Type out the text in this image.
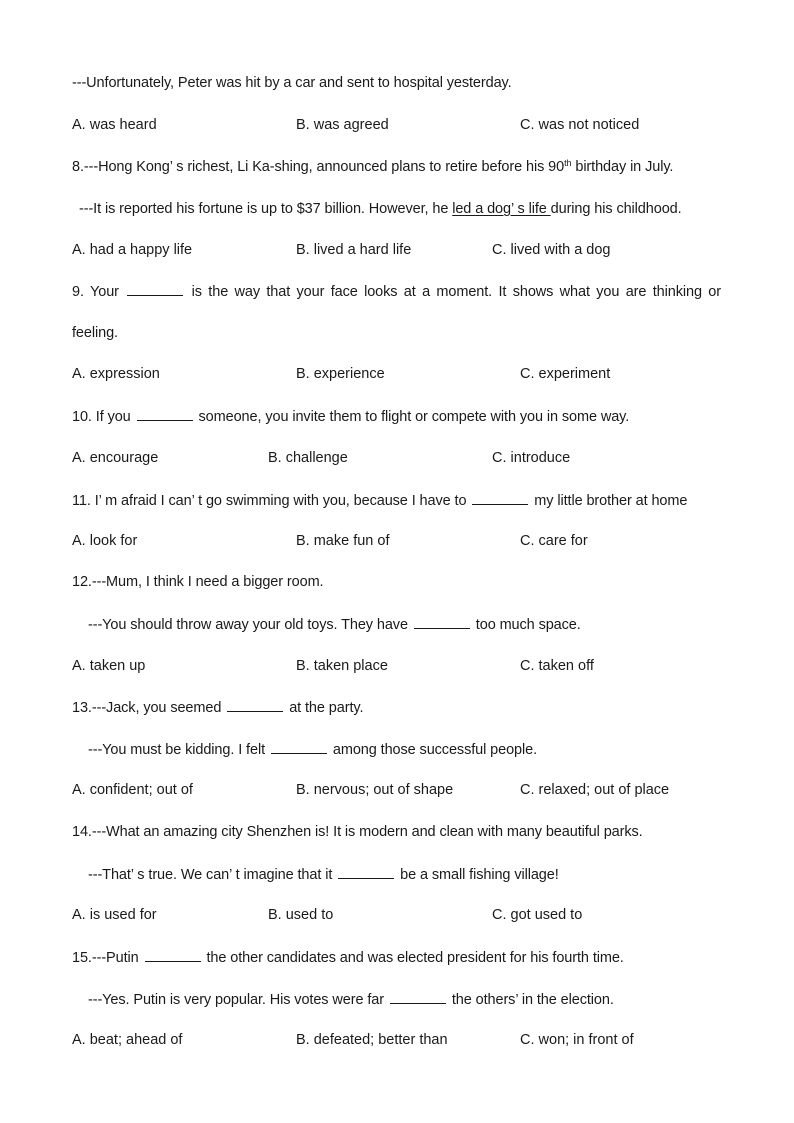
---Unfortunately, Peter was hit by a car and sent to hospital yesterday.
A. was heard	B. was agreed	C. was not noticed
8.---Hong Kong’ s richest, Li Ka-shing, announced plans to retire before his 90th birthday in July.
---It is reported his fortune is up to $37 billion. However, he led a dog’ s life during his childhood.
A. had a happy life	B. lived a hard life	C. lived with a dog
9. Your	is the way that your face looks at a moment. It shows what you are thinking or
feeling.
A. expression	B. experience	C. experiment
10. If you	someone, you invite them to flight or compete with you in some way.
A. encourage	B. challenge	C. introduce
11. I’ m afraid I can’ t go swimming with you, because I have to	my little brother at home
A. look for	B. make fun of	C. care for
12.---Mum, I think I need a bigger room.
---You should throw away your old toys. They have	too much space.
A. taken up	B. taken place	C. taken off
13.---Jack, you seemed	at the party.
---You must be kidding. I felt	among those successful people.
A. confident; out of	B. nervous; out of shape	C. relaxed; out of place
14.---What an amazing city Shenzhen is! It is modern and clean with many beautiful parks.
---That’ s true. We can’ t imagine that it	be a small fishing village!
A. is used for	B. used to	C. got used to
15.---Putin	the other candidates and was elected president for his fourth time.
---Yes. Putin is very popular. His votes were far	the others’ in the election.
A. beat; ahead of	B. defeated; better than	C. won; in front of
